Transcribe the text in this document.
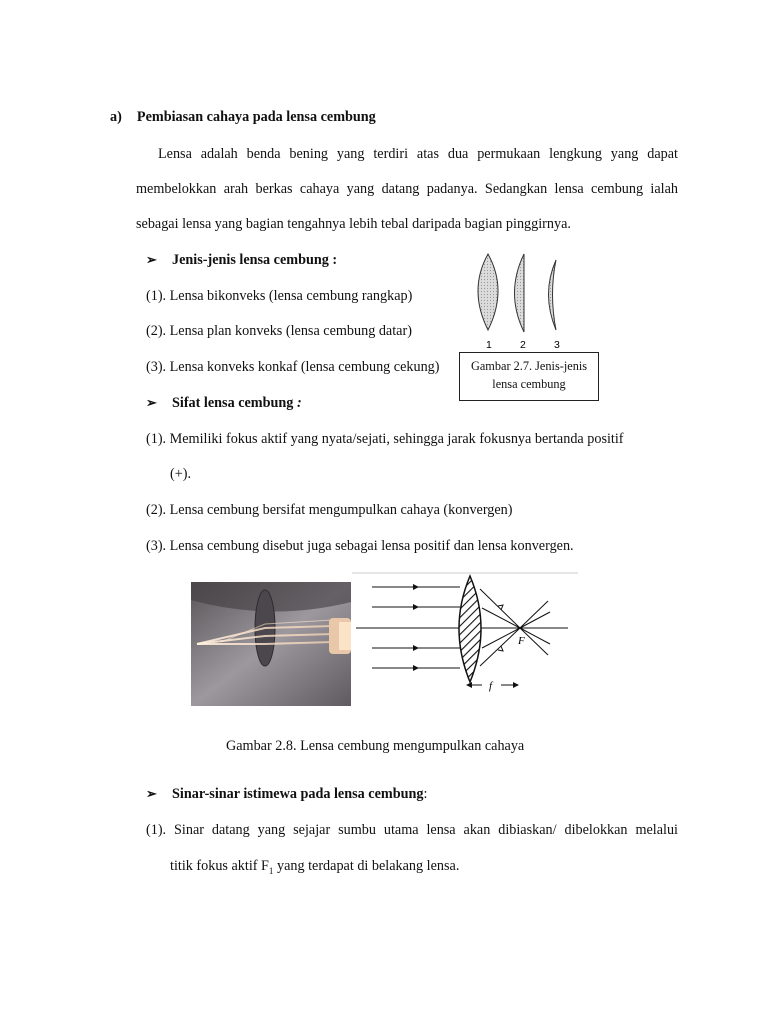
a) Pembiasan cahaya pada lensa cembung
Lensa adalah benda bening yang terdiri atas dua permukaan lengkung yang dapat
membelokkan arah berkas cahaya yang datang padanya. Sedangkan lensa cembung ialah
sebagai lensa yang bagian tengahnya lebih tebal daripada bagian pinggirnya.
➢ Jenis-jenis lensa cembung :
(1). Lensa bikonveks (lensa cembung rangkap)
(2). Lensa plan konveks (lensa cembung datar)
(3). Lensa konveks konkaf (lensa cembung cekung)
1	2	3
Gambar 2.7. Jenis-jenis
lensa cembung
➢ Sifat lensa cembung :
(1). Memiliki fokus aktif yang nyata/sejati, sehingga jarak fokusnya bertanda positif
(+).
(2). Lensa cembung bersifat mengumpulkan cahaya (konvergen)
(3). Lensa cembung disebut juga sebagai lensa positif dan lensa konvergen.
F
f
Gambar 2.8. Lensa cembung mengumpulkan cahaya
➢ Sinar-sinar istimewa pada lensa cembung:
(1). Sinar datang yang sejajar sumbu utama lensa akan dibiaskan/ dibelokkan melalui
titik fokus aktif $F_1$ yang terdapat di belakang lensa.
